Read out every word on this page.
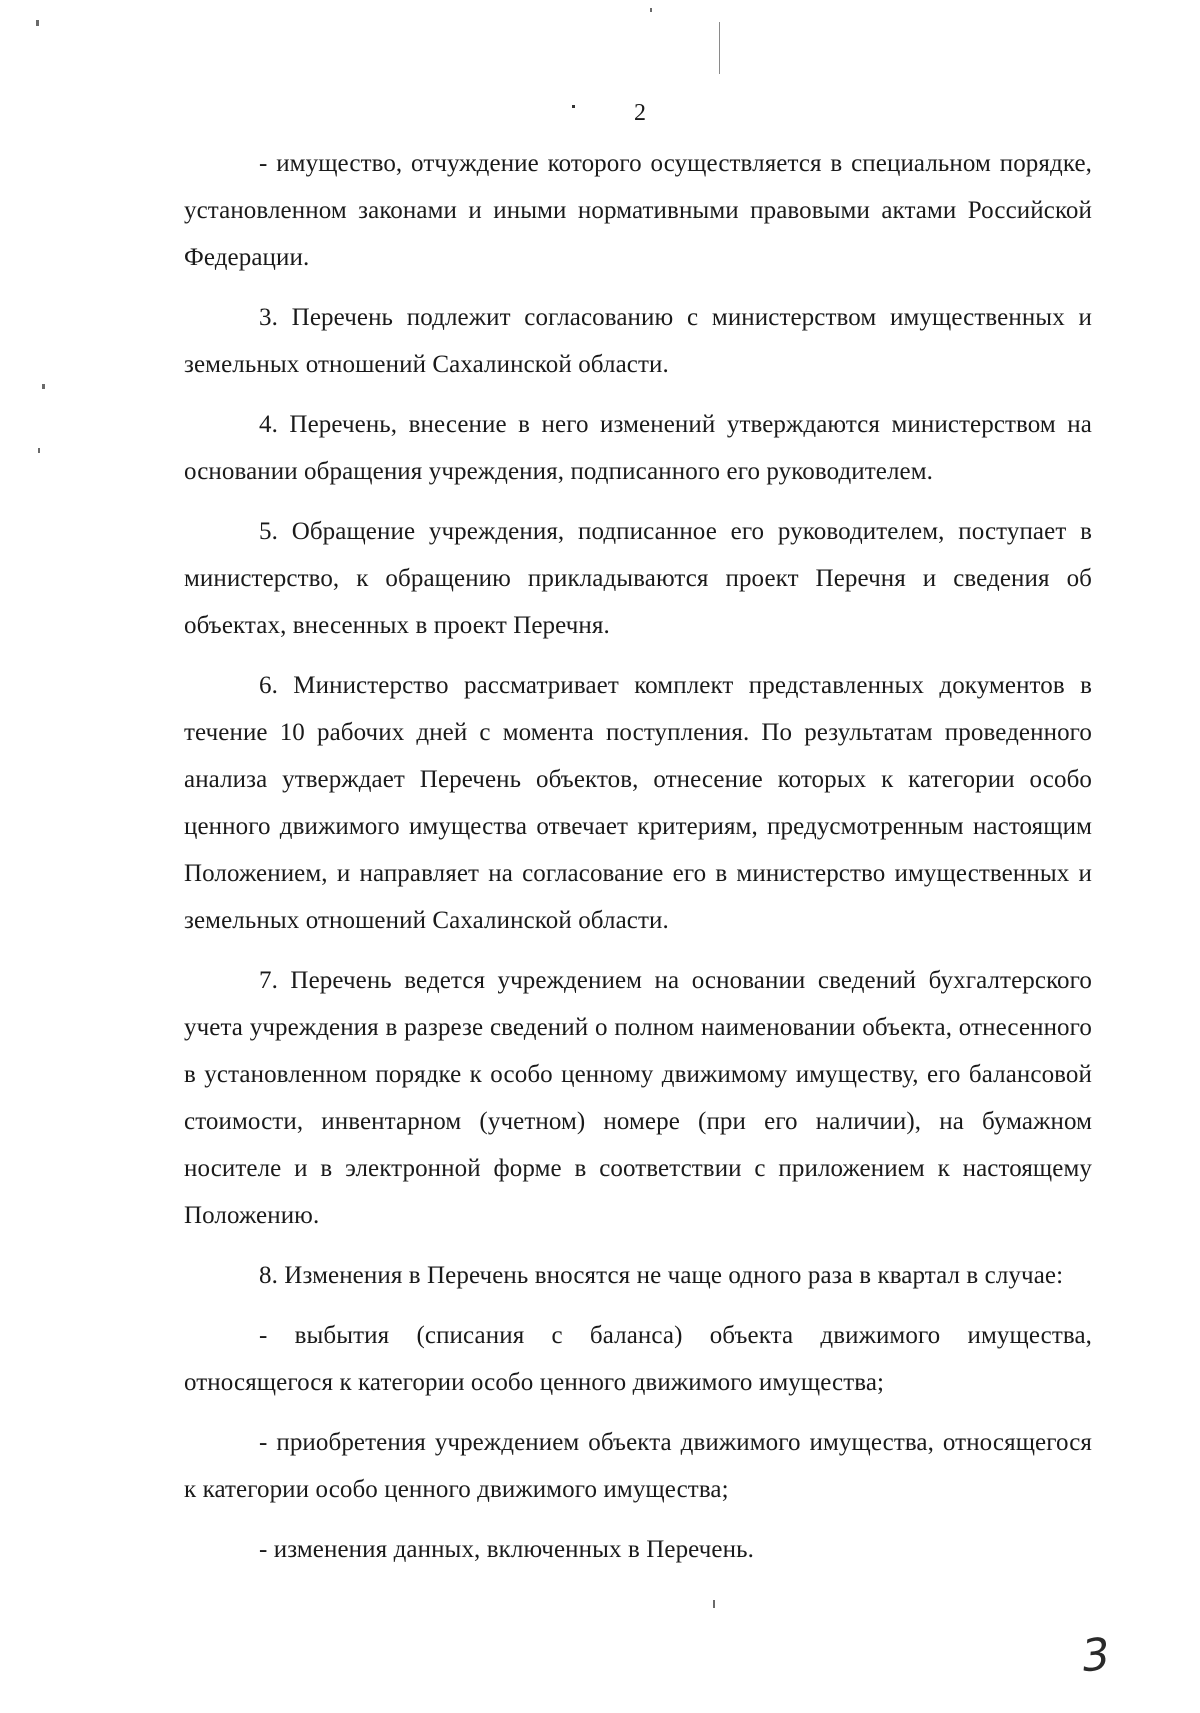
2

- имущество, отчуждение которого осуществляется в специальном порядке, установленном законами и иными нормативными правовыми актами Российской Федерации.

3. Перечень подлежит согласованию с министерством имущественных и земельных отношений Сахалинской области.

4. Перечень, внесение в него изменений утверждаются министерством на основании обращения учреждения, подписанного его руководителем.

5. Обращение учреждения, подписанное его руководителем, поступает в министерство, к обращению прикладываются проект Перечня и сведения об объектах, внесенных в проект Перечня.

6. Министерство рассматривает комплект представленных документов в течение 10 рабочих дней с момента поступления. По результатам проведенного анализа утверждает Перечень объектов, отнесение которых к категории особо ценного движимого имущества отвечает критериям, предусмотренным настоящим Положением, и направляет на согласование его в министерство имущественных и земельных отношений Сахалинской области.

7. Перечень ведется учреждением на основании сведений бухгалтерского учета учреждения в разрезе сведений о полном наименовании объекта, отнесенного в установленном порядке к особо ценному движимому имуществу, его балансовой стоимости, инвентарном (учетном) номере (при его наличии), на бумажном носителе и в электронной форме в соответствии с приложением к настоящему Положению.

8. Изменения в Перечень вносятся не чаще одного раза в квартал в случае:

- выбытия (списания с баланса) объекта движимого имущества, относящегося к категории особо ценного движимого имущества;

- приобретения учреждением объекта движимого имущества, относящегося к категории особо ценного движимого имущества;

- изменения данных, включенных в Перечень.

3
